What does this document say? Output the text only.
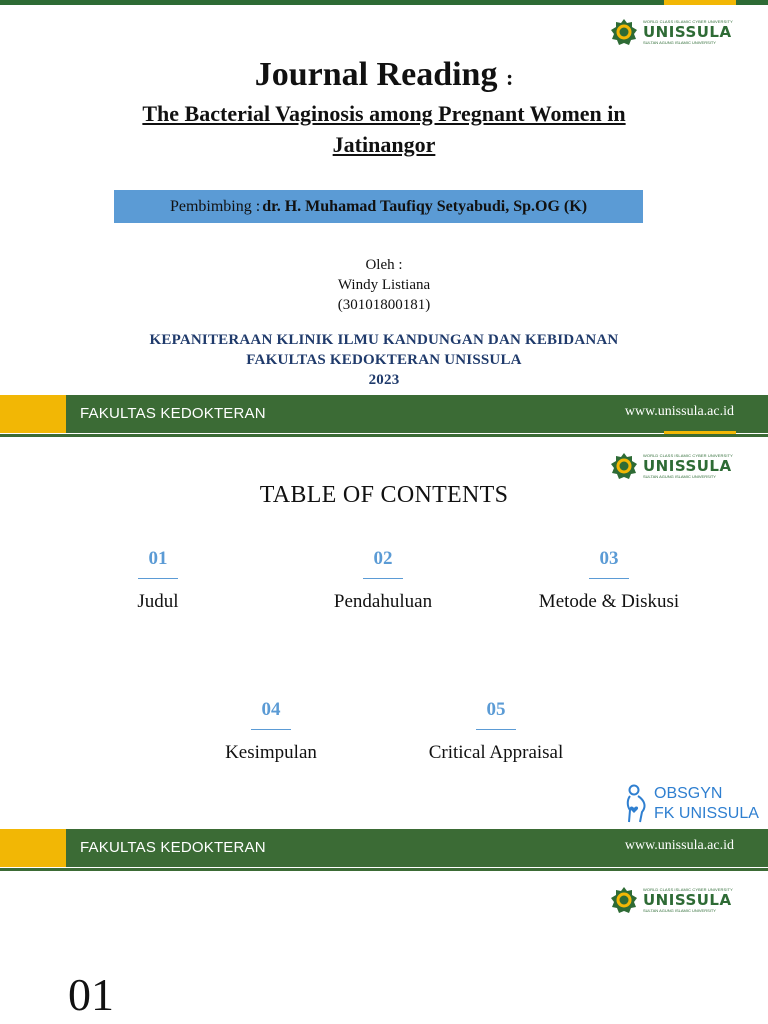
WORLD CLASS ISLAMIC CYBER UNIVERSITY
UNISSULA
SULTAN AGUNG ISLAMIC UNIVERSITY
Journal Reading :
The Bacterial Vaginosis among Pregnant Women in Jatinangor
Pembimbing : dr. H. Muhamad Taufiqy Setyabudi, Sp.OG (K)
Oleh :
Windy Listiana
(30101800181)
KEPANITERAAN KLINIK ILMU KANDUNGAN DAN KEBIDANAN
FAKULTAS KEDOKTERAN UNISSULA
2023
FAKULTAS KEDOKTERAN	www.unissula.ac.id
WORLD CLASS ISLAMIC CYBER UNIVERSITY
UNISSULA
SULTAN AGUNG ISLAMIC UNIVERSITY
TABLE OF CONTENTS
01
Judul
02
Pendahuluan
03
Metode & Diskusi
04
Kesimpulan
05
Critical Appraisal
OBSGYN
FK UNISSULA
FAKULTAS KEDOKTERAN	www.unissula.ac.id
WORLD CLASS ISLAMIC CYBER UNIVERSITY
UNISSULA
SULTAN AGUNG ISLAMIC UNIVERSITY
01
